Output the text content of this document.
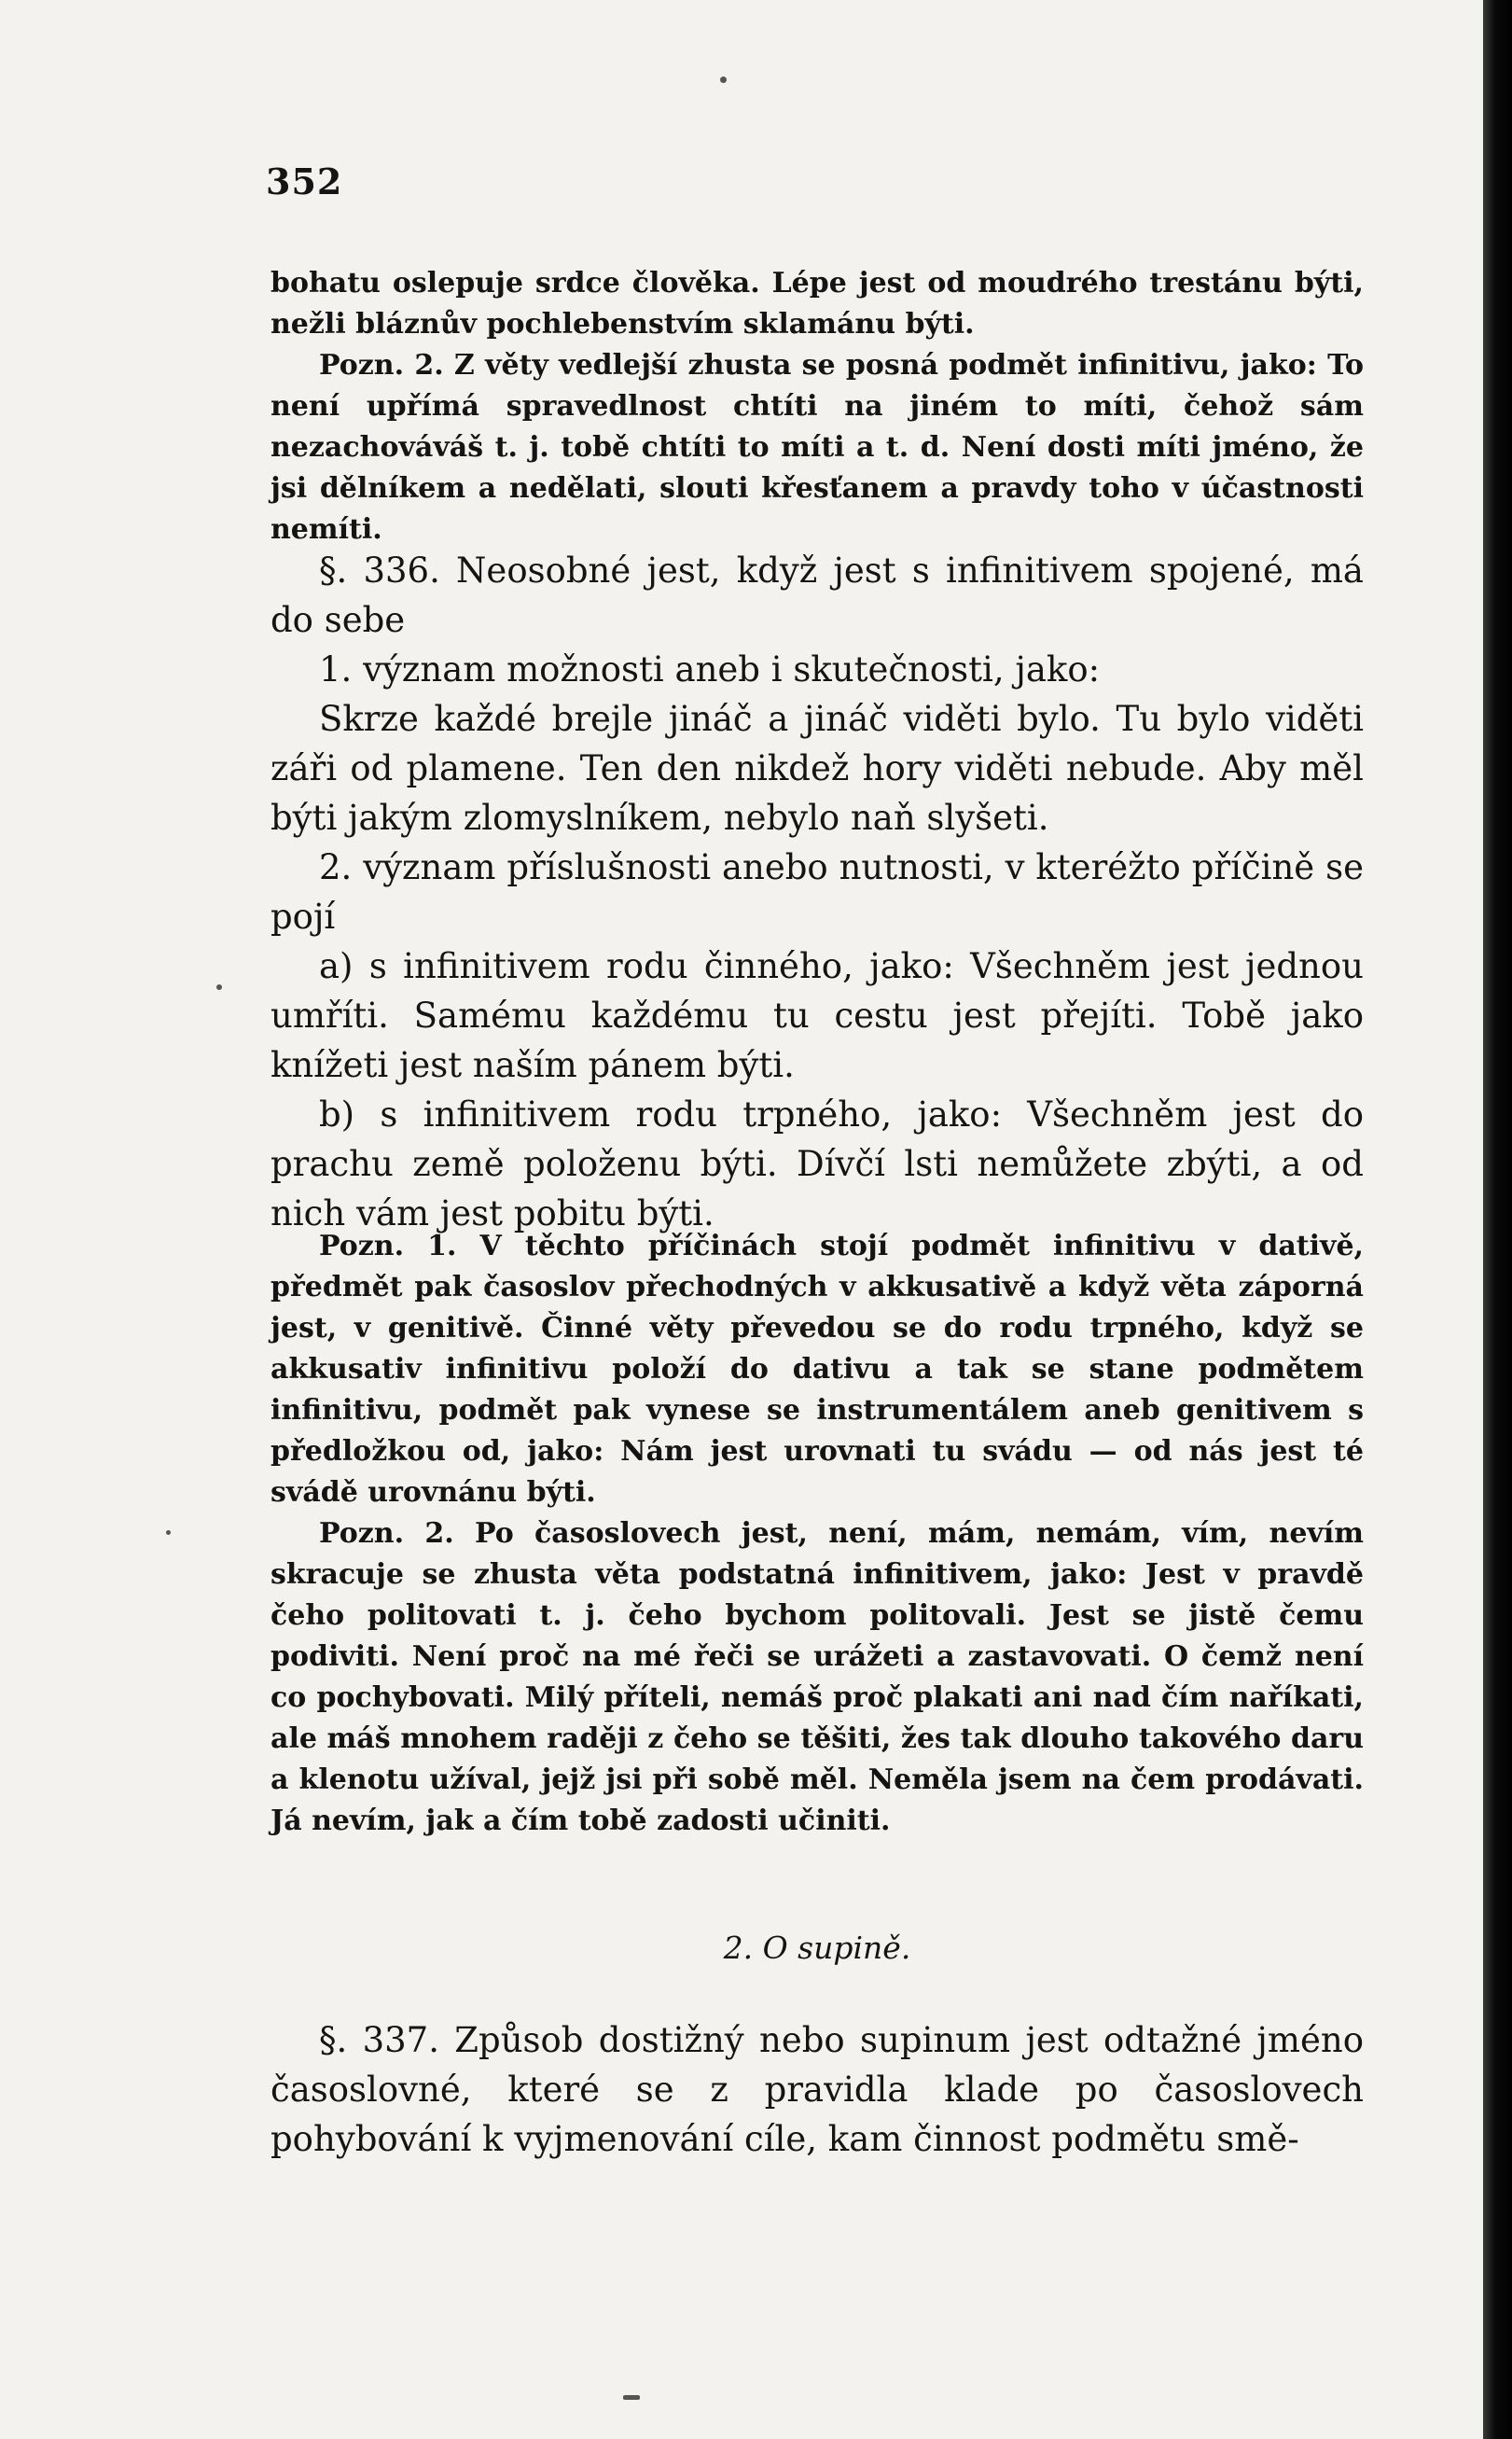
352

bohatu oslepuje srdce člověka. Lépe jest od moudrého trestánu býti, nežli bláznův pochlebenstvím sklamánu býti.

Pozn. 2. Z věty vedlejší zhusta se posná podmět infinitivu, jako: To není upřímá spravedlnost chtíti na jiném to míti, čehož sám nezachováváš t. j. tobě chtíti to míti a t. d. Není dosti míti jméno, že jsi dělníkem a nedělati, slouti křesťanem a pravdy toho v účastnosti nemíti.

§. 336. Neosobné jest, když jest s infinitivem spojené, má do sebe

1. význam možnosti aneb i skutečnosti, jako:

Skrze každé brejle jináč a jináč viděti bylo. Tu bylo viděti záři od plamene. Ten den nikdež hory viděti nebude. Aby měl býti jakým zlomyslníkem, nebylo naň slyšeti.

2. význam příslušnosti anebo nutnosti, v kteréžto příčině se pojí

a) s infinitivem rodu činného, jako: Všechněm jest jednou umříti. Samému každému tu cestu jest přejíti. Tobě jako knížeti jest naším pánem býti.

b) s infinitivem rodu trpného, jako: Všechněm jest do prachu země položenu býti. Dívčí lsti nemůžete zbýti, a od nich vám jest pobitu býti.

Pozn. 1. V těchto příčinách stojí podmět infinitivu v dativě, předmět pak časoslov přechodných v akkusativě a když věta záporná jest, v genitivě. Činné věty převedou se do rodu trpného, když se akkusativ infinitivu položí do dativu a tak se stane podmětem infinitivu, podmět pak vynese se instrumentálem aneb genitivem s předložkou od, jako: Nám jest urovnati tu svádu — od nás jest té svádě urovnánu býti.

Pozn. 2. Po časoslovech jest, není, mám, nemám, vím, nevím skracuje se zhusta věta podstatná infinitivem, jako: Jest v pravdě čeho politovati t. j. čeho bychom politovali. Jest se jistě čemu podiviti. Není proč na mé řeči se urážeti a zastavovati. O čemž není co pochybovati. Milý příteli, nemáš proč plakati ani nad čím naříkati, ale máš mnohem raději z čeho se těšiti, žes tak dlouho takového daru a klenotu užíval, jejž jsi při sobě měl. Neměla jsem na čem prodávati. Já nevím, jak a čím tobě zadosti učiniti.

2. O supině.

§. 337. Způsob dostižný nebo supinum jest odtažné jméno časoslovné, které se z pravidla klade po časoslovech pohybování k vyjmenování cíle, kam činnost podmětu smě-
